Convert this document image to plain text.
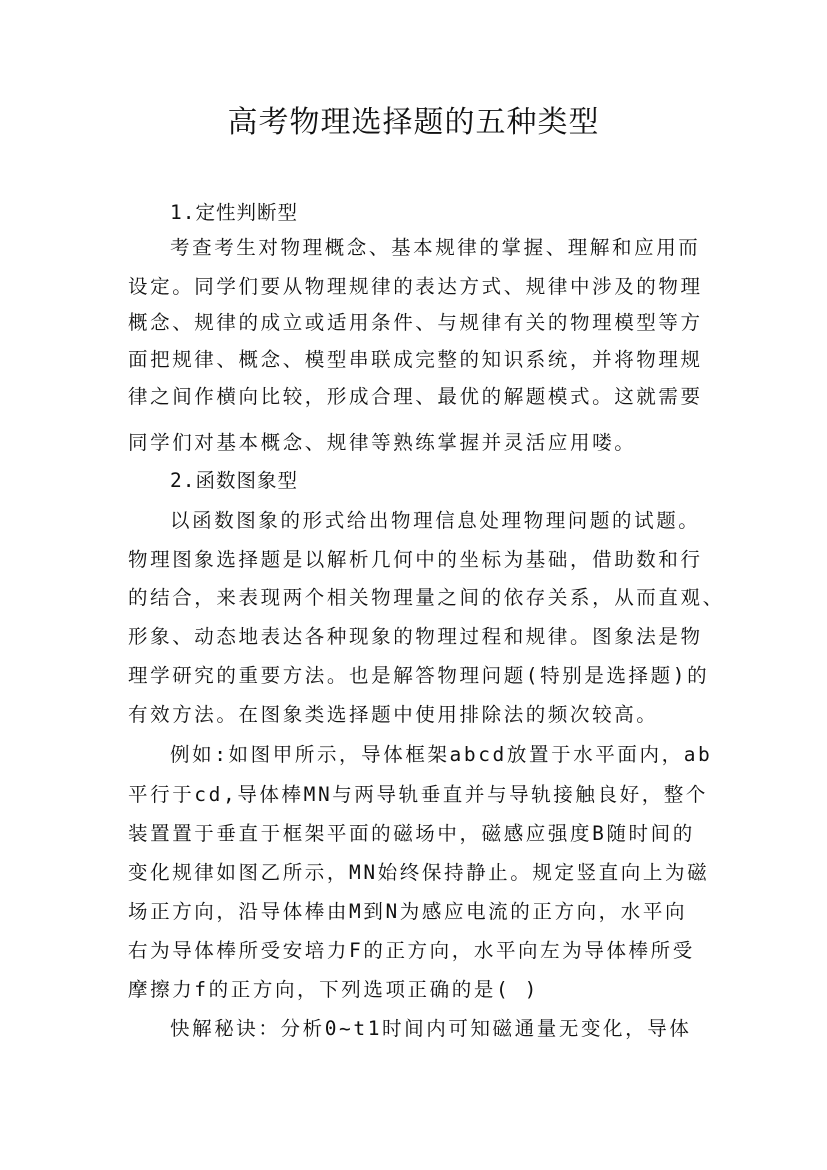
高考物理选择题的五种类型
1.定性判断型
考查考生对物理概念、基本规律的掌握、理解和应用而
设定。同学们要从物理规律的表达方式、规律中涉及的物理
概念、规律的成立或适用条件、与规律有关的物理模型等方
面把规律、概念、模型串联成完整的知识系统，并将物理规
律之间作横向比较，形成合理、最优的解题模式。这就需要
同学们对基本概念、规律等熟练掌握并灵活应用喽。
2.函数图象型
以函数图象的形式给出物理信息处理物理问题的试题。
物理图象选择题是以解析几何中的坐标为基础，借助数和行
的结合，来表现两个相关物理量之间的依存关系，从而直观、
形象、动态地表达各种现象的物理过程和规律。图象法是物
理学研究的重要方法。也是解答物理问题(特别是选择题)的
有效方法。在图象类选择题中使用排除法的频次较高。
例如:如图甲所示，导体框架abcd放置于水平面内，ab
平行于cd,导体棒MN与两导轨垂直并与导轨接触良好，整个
装置置于垂直于框架平面的磁场中，磁感应强度B随时间的
变化规律如图乙所示，MN始终保持静止。规定竖直向上为磁
场正方向，沿导体棒由M到N为感应电流的正方向，水平向
右为导体棒所受安培力F的正方向，水平向左为导体棒所受
摩擦力f的正方向，下列选项正确的是( )
快解秘诀：分析0~t1时间内可知磁通量无变化，导体
